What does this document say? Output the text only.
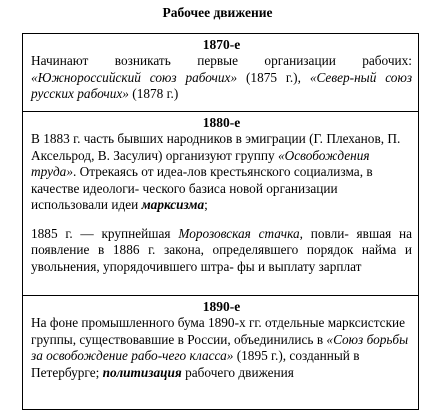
Рабочее движение
1870-е

Начинают возникать первые организации рабочих: «Южнороссийский союз рабочих» (1875 г.), «Север-ный союз русских рабочих» (1878 г.)

1880-е

В 1883 г. часть бывших народников в эмиграции (Г. Плеханов, П. Аксельрод, В. Засулич) организуют группу «Освобождения труда». Отрекаясь от идеа-лов крестьянского социализма, в качестве идеологи- ческого базиса новой организации использовали идеи марксизма;

1885 г. — крупнейшая Морозовская стачка, повли- явшая на появление в 1886 г. закона, определявшего порядок найма и увольнения, упорядочившего штра- фы и выплату зарплат

1890-е

На фоне промышленного бума 1890-х гг. отдельные марксистские группы, существовавшие в России, объединились в «Союз борьбы за освобождение рабо-чего класса» (1895 г.), созданный в Петербурге; политизация рабочего движения
